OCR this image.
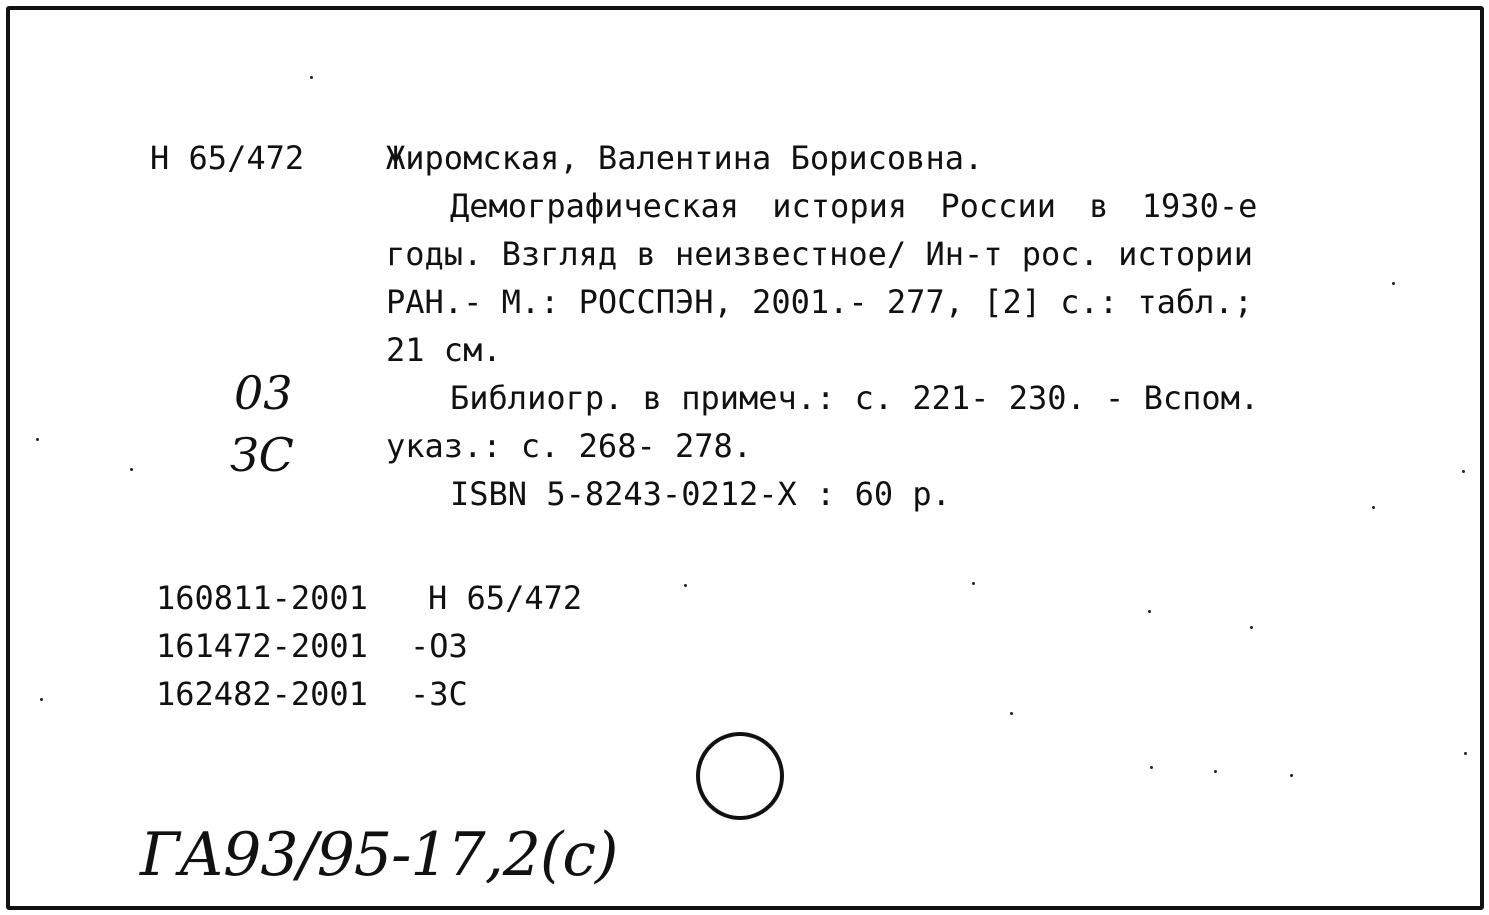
Н 65/472	Жиромская, Валентина Борисовна.
Демографическая история России в 1930-е
годы. Взгляд в неизвестное/ Ин-т рос. истории
РАН.- М.: РОССПЭН, 2001.- 277, [2] с.: табл.;
21 см.
Библиогр. в примеч.: с. 221- 230. - Вспом.
указ.: с. 268- 278.
ISBN 5-8243-0212-X : 60 р.
03
ЗС
160811-2001 Н 65/472
161472-2001 -ОЗ
162482-2001 -ЗС
ГА93/95-17,2(с)
